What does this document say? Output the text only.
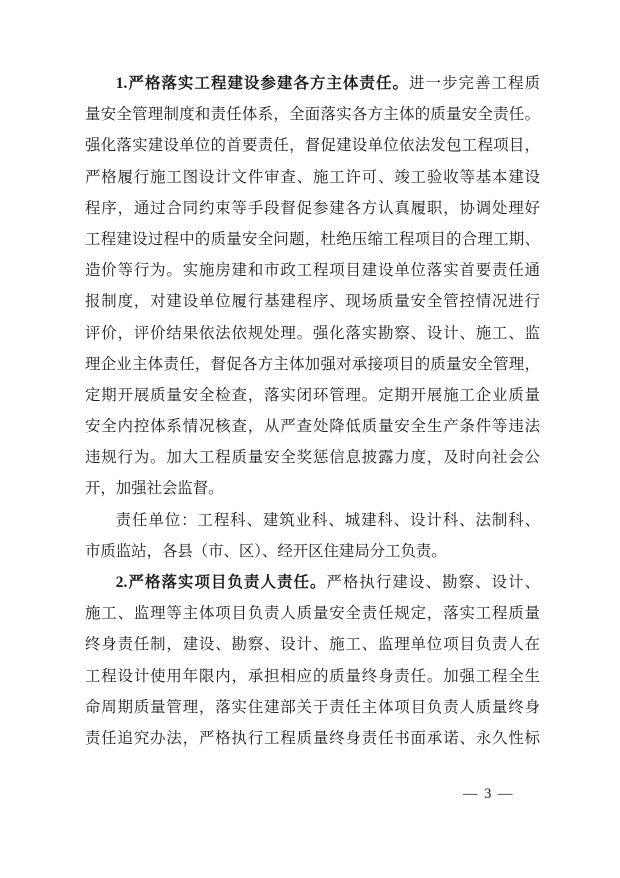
1.严格落实工程建设参建各方主体责任。进一步完善工程质
量安全管理制度和责任体系，全面落实各方主体的质量安全责任。
强化落实建设单位的首要责任，督促建设单位依法发包工程项目，
严格履行施工图设计文件审查、施工许可、竣工验收等基本建设
程序，通过合同约束等手段督促参建各方认真履职，协调处理好
工程建设过程中的质量安全问题，杜绝压缩工程项目的合理工期、
造价等行为。实施房建和市政工程项目建设单位落实首要责任通
报制度，对建设单位履行基建程序、现场质量安全管控情况进行
评价，评价结果依法依规处理。强化落实勘察、设计、施工、监
理企业主体责任，督促各方主体加强对承接项目的质量安全管理，
定期开展质量安全检查，落实闭环管理。定期开展施工企业质量
安全内控体系情况核查，从严查处降低质量安全生产条件等违法
违规行为。加大工程质量安全奖惩信息披露力度，及时向社会公
开，加强社会监督。
责任单位：工程科、建筑业科、城建科、设计科、法制科、
市质监站，各县（市、区）、经开区住建局分工负责。
2.严格落实项目负责人责任。严格执行建设、勘察、设计、
施工、监理等主体项目负责人质量安全责任规定，落实工程质量
终身责任制，建设、勘察、设计、施工、监理单位项目负责人在
工程设计使用年限内，承担相应的质量终身责任。加强工程全生
命周期质量管理，落实住建部关于责任主体项目负责人质量终身
责任追究办法，严格执行工程质量终身责任书面承诺、永久性标
— 3 —
